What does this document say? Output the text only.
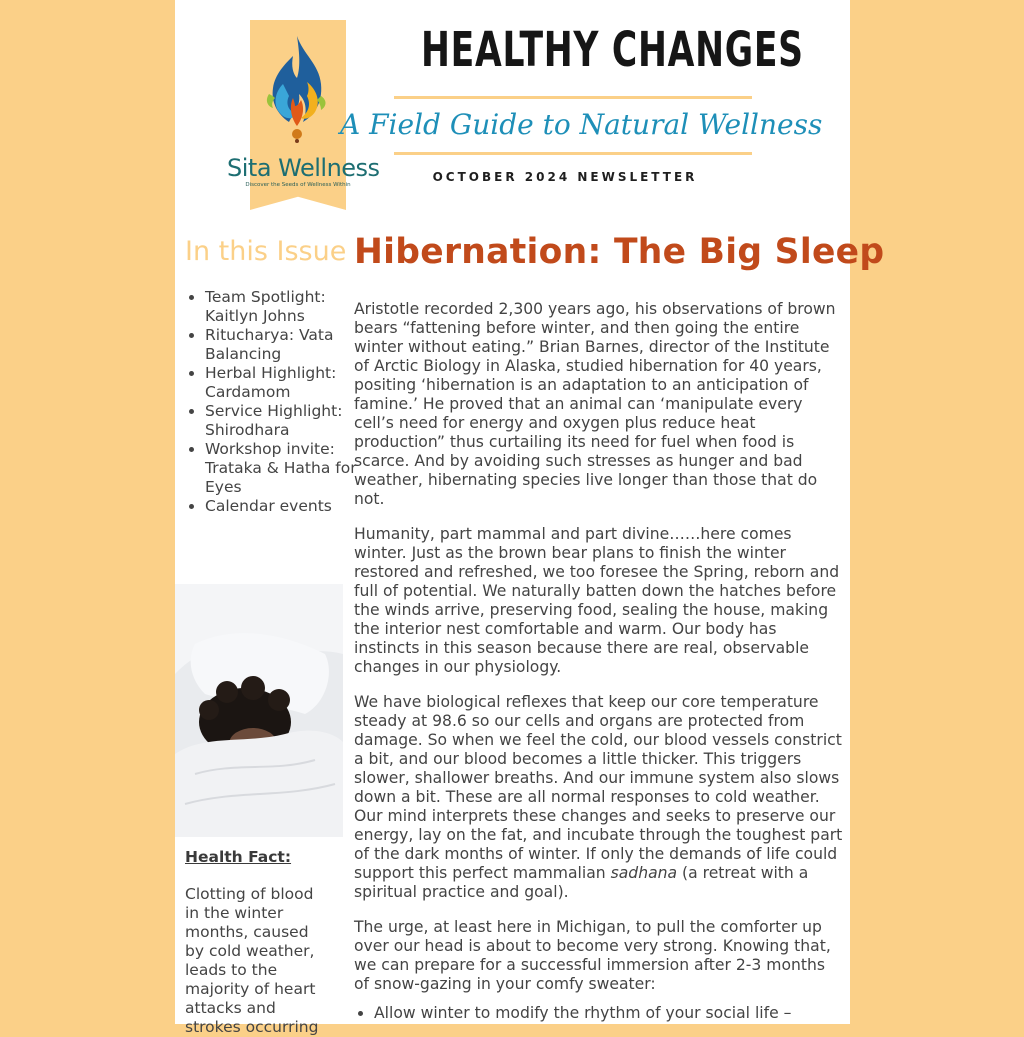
Sita Wellness
Discover the Seeds of Wellness Within
HEALTHY CHANGES
A Field Guide to Natural Wellness
OCTOBER 2024 NEWSLETTER
In this Issue
• Team Spotlight: Kaitlyn Johns
• Ritucharya: Vata Balancing
• Herbal Highlight: Cardamom
• Service Highlight: Shirodhara
• Workshop invite: Trataka & Hatha for Eyes
• Calendar events
Health Fact:

Clotting of blood in the winter months, caused by cold weather, leads to the majority of heart attacks and strokes occurring

Hibernation: The Big Sleep

Aristotle recorded 2,300 years ago, his observations of brown bears “fattening before winter, and then going the entire winter without eating.” Brian Barnes, director of the Institute of Arctic Biology in Alaska, studied hibernation for 40 years, positing ‘hibernation is an adaptation to an anticipation of famine.’ He proved that an animal can ‘manipulate every cell’s need for energy and oxygen plus reduce heat production” thus curtailing its need for fuel when food is scarce. And by avoiding such stresses as hunger and bad weather, hibernating species live longer than those that do not.

Humanity, part mammal and part divine……here comes winter. Just as the brown bear plans to finish the winter restored and refreshed, we too foresee the Spring, reborn and full of potential. We naturally batten down the hatches before the winds arrive, preserving food, sealing the house, making the interior nest comfortable and warm. Our body has instincts in this season because there are real, observable changes in our physiology.

We have biological reflexes that keep our core temperature steady at 98.6 so our cells and organs are protected from damage. So when we feel the cold, our blood vessels constrict a bit, and our blood becomes a little thicker. This triggers slower, shallower breaths. And our immune system also slows down a bit. These are all normal responses to cold weather. Our mind interprets these changes and seeks to preserve our energy, lay on the fat, and incubate through the toughest part of the dark months of winter. If only the demands of life could support this perfect mammalian sadhana (a retreat with a spiritual practice and goal).

The urge, at least here in Michigan, to pull the comforter up over our head is about to become very strong. Knowing that, we can prepare for a successful immersion after 2-3 months of snow-gazing in your comfy sweater:

• Allow winter to modify the rhythm of your social life –
